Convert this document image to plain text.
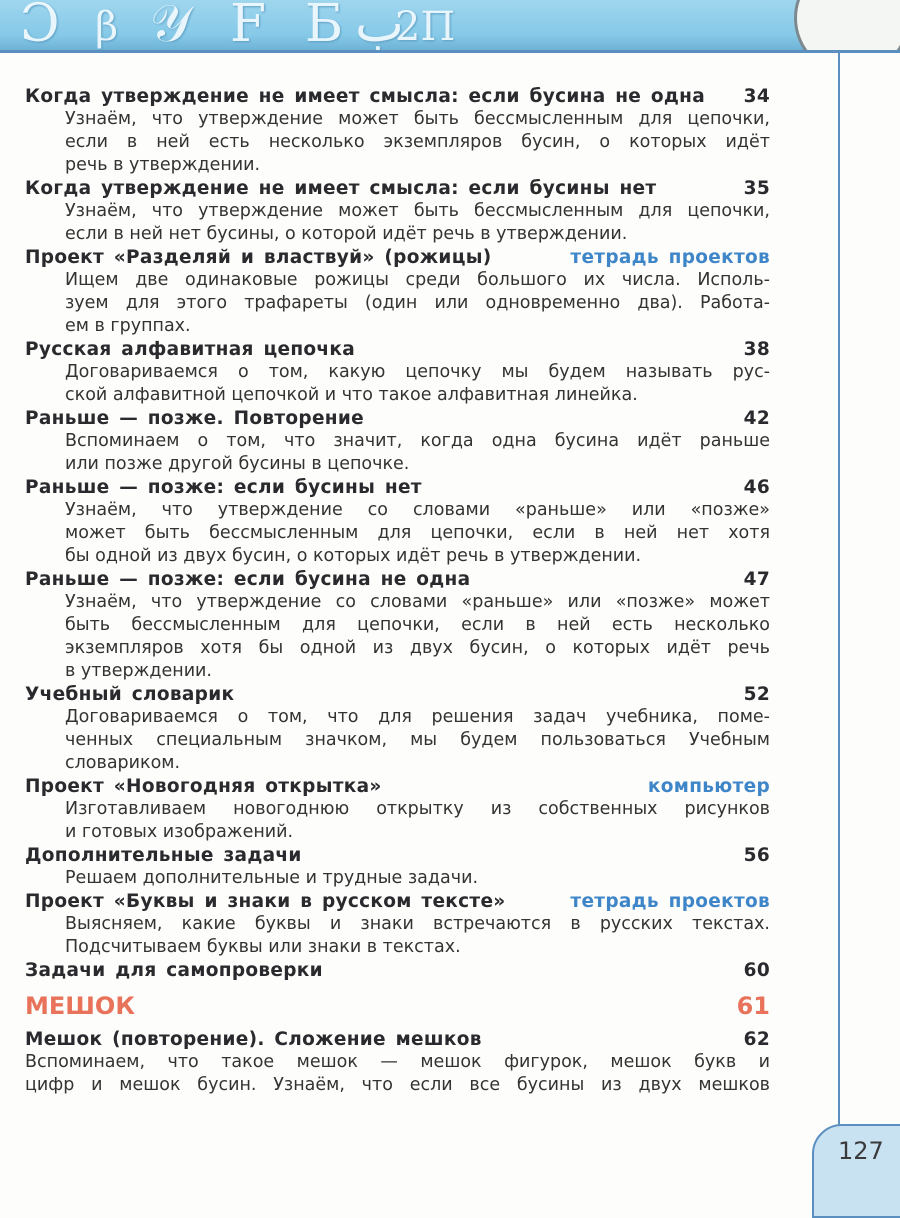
Ɔ β 𝒴 F Б ب
2П
Когда утверждение не имеет смысла: если бусина не одна 34
Узнаём, что утверждение может быть бессмысленным для цепочки,
если в ней есть несколько экземпляров бусин, о которых идёт
речь в утверждении.
Когда утверждение не имеет смысла: если бусины нет	35
Узнаём, что утверждение может быть бессмысленным для цепочки,
если в ней нет бусины, о которой идёт речь в утверждении.
Проект «Разделяй и властвуй» (рожицы)	тетрадь проектов
Ищем две одинаковые рожицы среди большого их числа. Исполь-
зуем для этого трафареты (один или одновременно два). Работа-
ем в группах.
Русская алфавитная цепочка	38
Договариваемся о том, какую цепочку мы будем называть рус-
ской алфавитной цепочкой и что такое алфавитная линейка.
Раньше — позже. Повторение	42
Вспоминаем о том, что значит, когда одна бусина идёт раньше
или позже другой бусины в цепочке.
Раньше — позже: если бусины нет	46
Узнаём, что утверждение со словами «раньше» или «позже»
может быть бессмысленным для цепочки, если в ней нет хотя
бы одной из двух бусин, о которых идёт речь в утверждении.
Раньше — позже: если бусина не одна	47
Узнаём, что утверждение со словами «раньше» или «позже» может
быть бессмысленным для цепочки, если в ней есть несколько
экземпляров хотя бы одной из двух бусин, о которых идёт речь
в утверждении.
Учебный словарик	52
Договариваемся о том, что для решения задач учебника, поме-
ченных специальным значком, мы будем пользоваться Учебным
словариком.
Проект «Новогодняя открытка»	компьютер
Изготавливаем новогоднюю открытку из собственных рисунков
и готовых изображений.
Дополнительные задачи	56
Решаем дополнительные и трудные задачи.
Проект «Буквы и знаки в русском тексте»	тетрадь проектов
Выясняем, какие буквы и знаки встречаются в русских текстах.
Подсчитываем буквы или знаки в текстах.
Задачи для самопроверки	60
МЕШОК	61
Мешок (повторение). Сложение мешков	62
Вспоминаем, что такое мешок — мешок фигурок, мешок букв и
цифр и мешок бусин. Узнаём, что если все бусины из двух мешков
127
